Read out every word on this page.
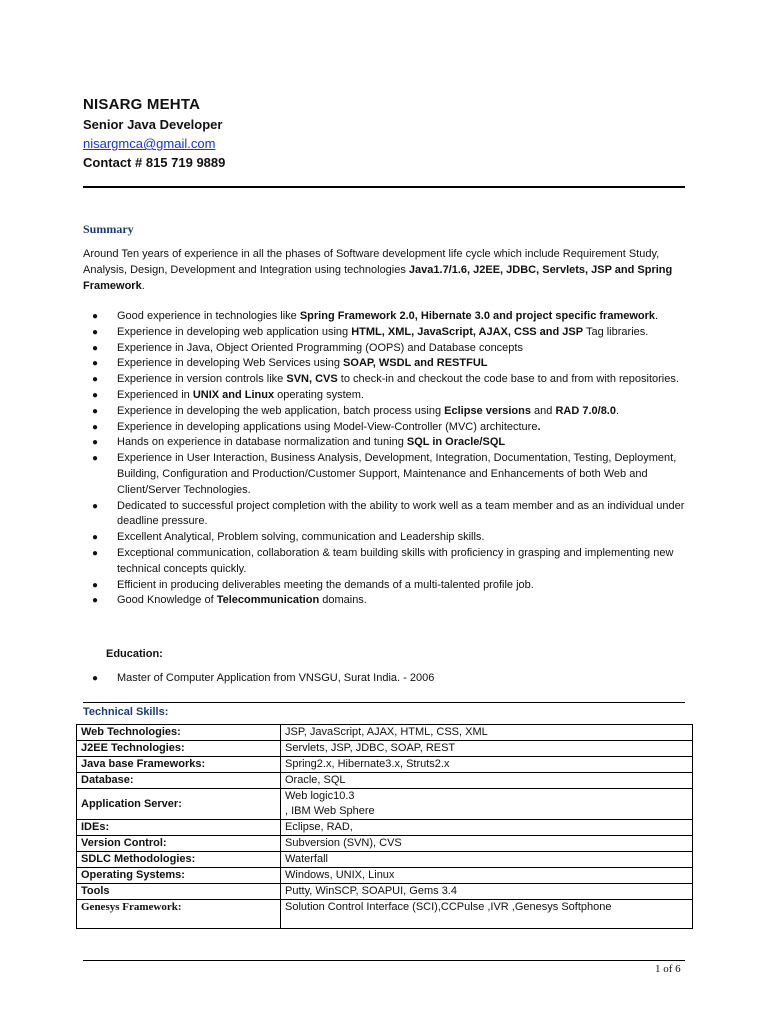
NISARG MEHTA
Senior Java Developer
nisargmca@gmail.com
Contact # 815 719 9889
Summary
Around Ten years of experience in all the phases of Software development life cycle which include Requirement Study, Analysis, Design, Development and Integration using technologies Java1.7/1.6, J2EE, JDBC, Servlets, JSP and Spring Framework.
● Good experience in technologies like Spring Framework 2.0, Hibernate 3.0 and project specific framework.
● Experience in developing web application using HTML, XML, JavaScript, AJAX, CSS and JSP Tag libraries.
● Experience in Java, Object Oriented Programming (OOPS) and Database concepts
● Experience in developing Web Services using SOAP, WSDL and RESTFUL
● Experience in version controls like SVN, CVS to check-in and checkout the code base to and from with repositories.
● Experienced in UNIX and Linux operating system.
● Experience in developing the web application, batch process using Eclipse versions and RAD 7.0/8.0.
● Experience in developing applications using Model-View-Controller (MVC) architecture.
● Hands on experience in database normalization and tuning SQL in Oracle/SQL
● Experience in User Interaction, Business Analysis, Development, Integration, Documentation, Testing, Deployment, Building, Configuration and Production/Customer Support, Maintenance and Enhancements of both Web and Client/Server Technologies.
● Dedicated to successful project completion with the ability to work well as a team member and as an individual under deadline pressure.
● Excellent Analytical, Problem solving, communication and Leadership skills.
● Exceptional communication, collaboration & team building skills with proficiency in grasping and implementing new technical concepts quickly.
● Efficient in producing deliverables meeting the demands of a multi-talented profile job.
● Good Knowledge of Telecommunication domains.
Education:
● Master of Computer Application from VNSGU, Surat India. - 2006
Technical Skills:
Web Technologies:	JSP, JavaScript, AJAX, HTML, CSS, XML

J2EE Technologies:	Servlets, JSP, JDBC, SOAP, REST

Java base Frameworks:	Spring2.x, Hibernate3.x, Struts2.x

Database:	Oracle, SQL

Application Server:	Web logic10.3
, IBM Web Sphere

IDEs:	Eclipse, RAD,

Version Control:	Subversion (SVN), CVS

SDLC Methodologies:	Waterfall

Operating Systems:	Windows, UNIX, Linux

Tools	Putty, WinSCP, SOAPUI, Gems 3.4

Genesys Framework:	Solution Control Interface (SCI),CCPulse ,IVR ,Genesys Softphone
1 of 6
